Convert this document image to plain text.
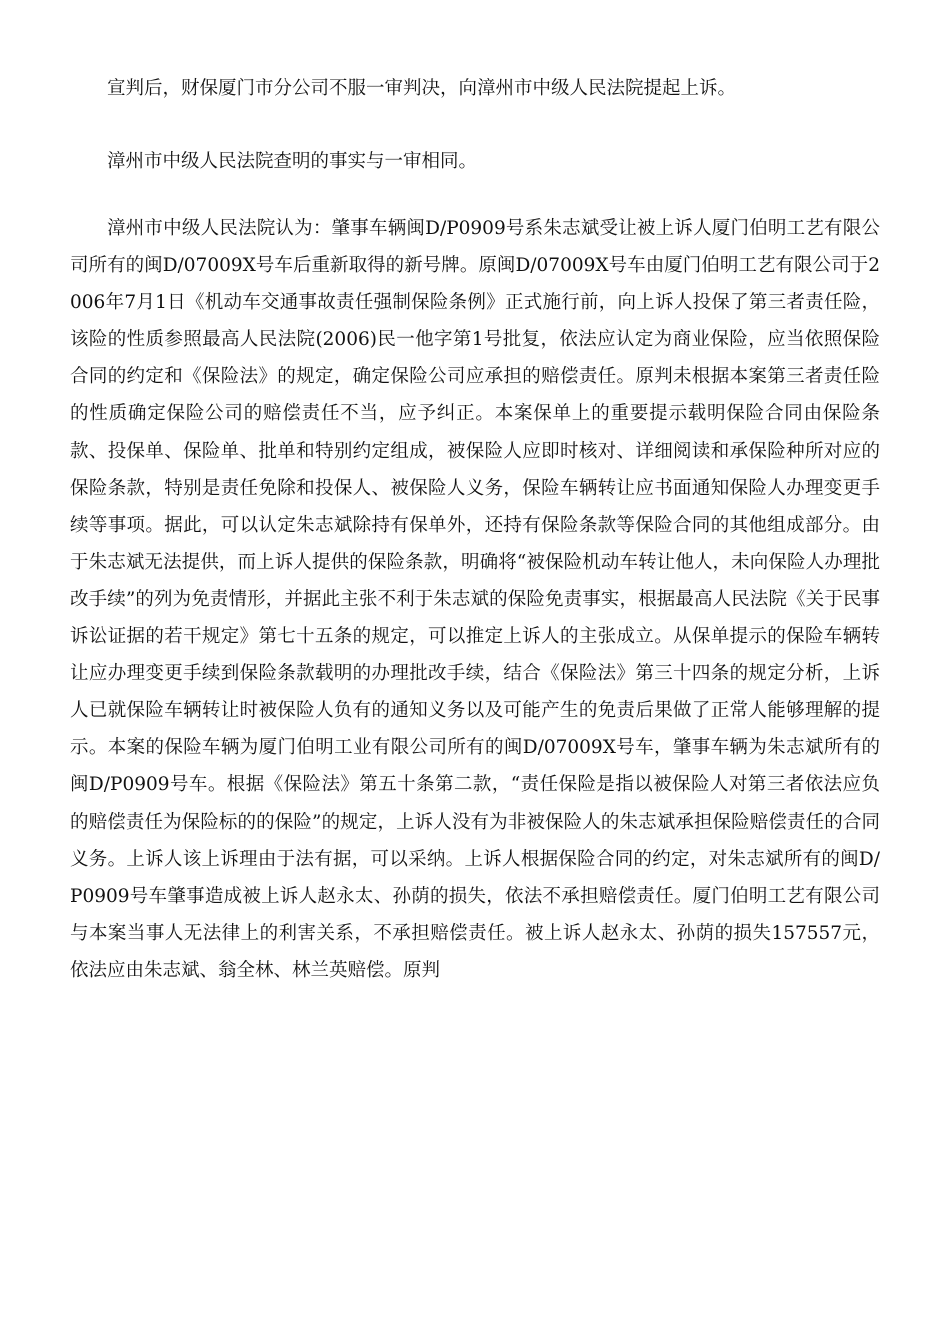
宣判后，财保厦门市分公司不服一审判决，向漳州市中级人民法院提起上诉。

漳州市中级人民法院查明的事实与一审相同。

漳州市中级人民法院认为：肇事车辆闽D/P0909号系朱志斌受让被上诉人厦门伯明工艺有限公司所有的闽D/07009X号车后重新取得的新号牌。原闽D/07009X号车由厦门伯明工艺有限公司于2006年7月1日《机动车交通事故责任强制保险条例》正式施行前，向上诉人投保了第三者责任险，该险的性质参照最高人民法院(2006)民一他字第1号批复，依法应认定为商业保险，应当依照保险合同的约定和《保险法》的规定，确定保险公司应承担的赔偿责任。原判未根据本案第三者责任险的性质确定保险公司的赔偿责任不当，应予纠正。本案保单上的重要提示载明保险合同由保险条款、投保单、保险单、批单和特别约定组成，被保险人应即时核对、详细阅读和承保险种所对应的保险条款，特别是责任免除和投保人、被保险人义务，保险车辆转让应书面通知保险人办理变更手续等事项。据此，可以认定朱志斌除持有保单外，还持有保险条款等保险合同的其他组成部分。由于朱志斌无法提供，而上诉人提供的保险条款，明确将“被保险机动车转让他人，未向保险人办理批改手续”的列为免责情形，并据此主张不利于朱志斌的保险免责事实，根据最高人民法院《关于民事诉讼证据的若干规定》第七十五条的规定，可以推定上诉人的主张成立。从保单提示的保险车辆转让应办理变更手续到保险条款载明的办理批改手续，结合《保险法》第三十四条的规定分析，上诉人已就保险车辆转让时被保险人负有的通知义务以及可能产生的免责后果做了正常人能够理解的提示。本案的保险车辆为厦门伯明工业有限公司所有的闽D/07009X号车，肇事车辆为朱志斌所有的闽D/P0909号车。根据《保险法》第五十条第二款，“责任保险是指以被保险人对第三者依法应负的赔偿责任为保险标的的保险”的规定，上诉人没有为非被保险人的朱志斌承担保险赔偿责任的合同义务。上诉人该上诉理由于法有据，可以采纳。上诉人根据保险合同的约定，对朱志斌所有的闽D/P0909号车肇事造成被上诉人赵永太、孙荫的损失，依法不承担赔偿责任。厦门伯明工艺有限公司与本案当事人无法律上的利害关系，不承担赔偿责任。被上诉人赵永太、孙荫的损失157557元，依法应由朱志斌、翁全林、林兰英赔偿。原判
